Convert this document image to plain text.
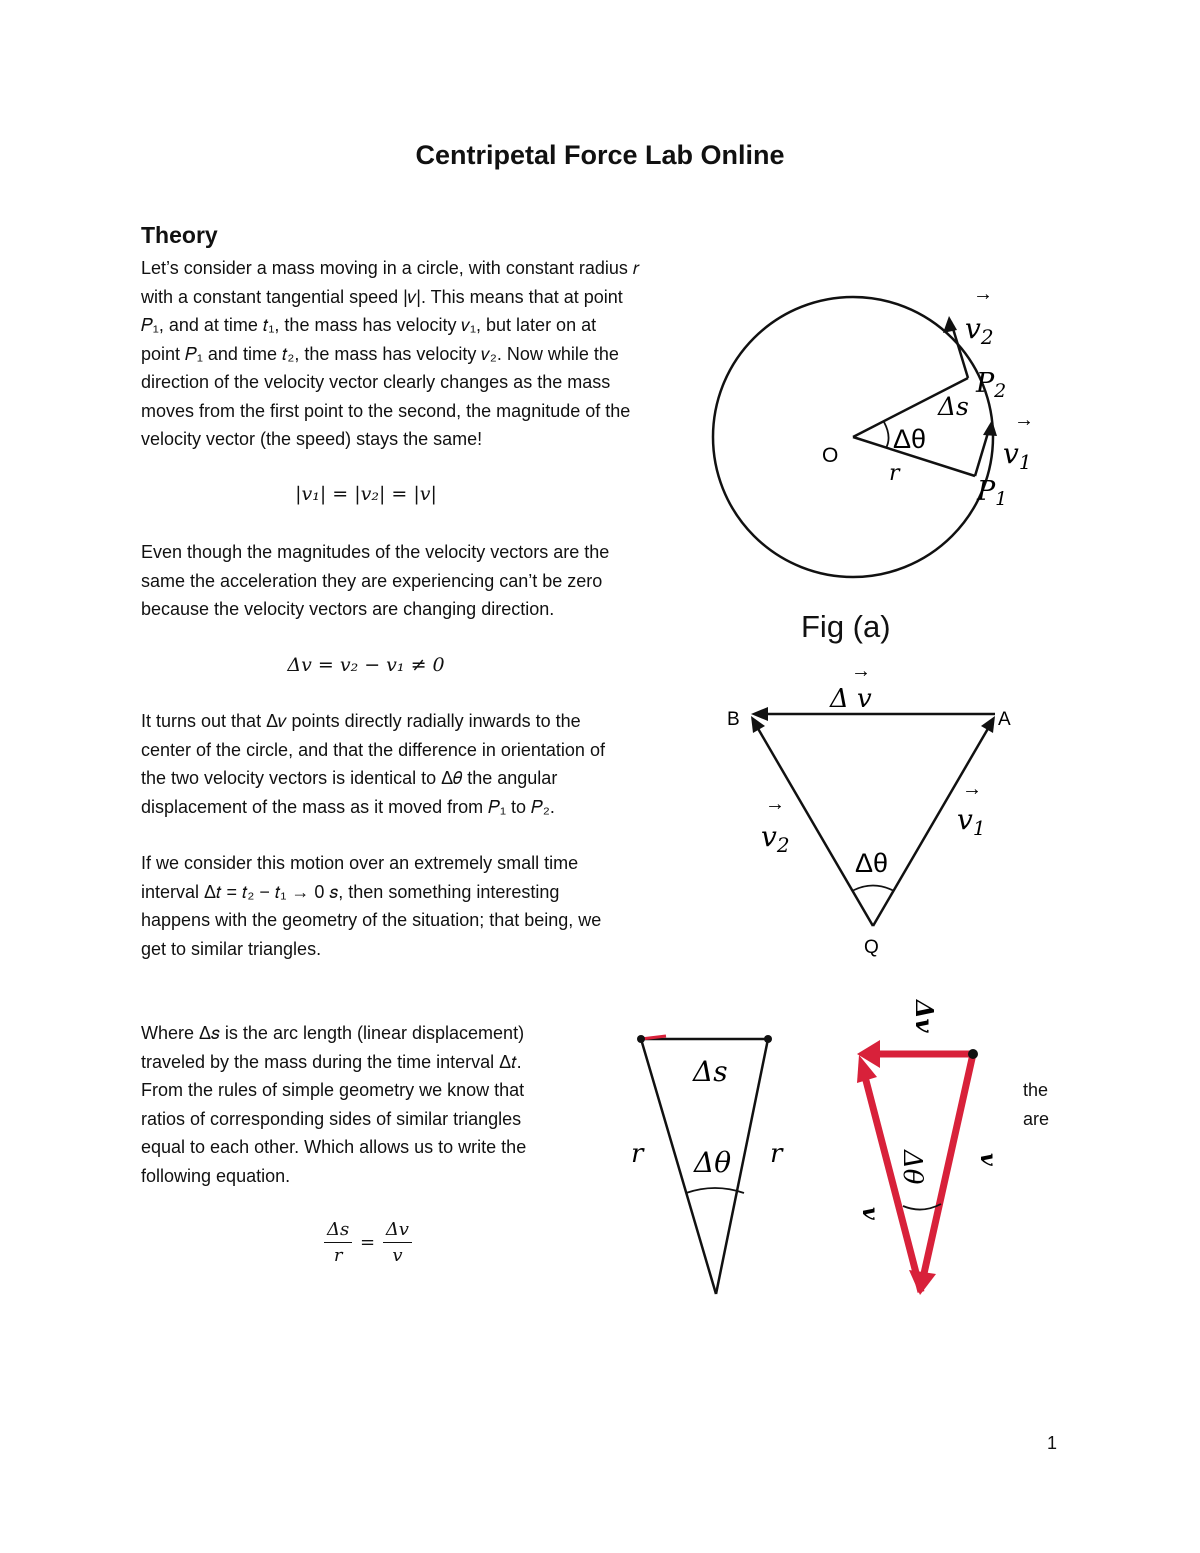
Centripetal Force Lab Online
Theory
Let’s consider a mass moving in a circle, with constant radius 𝑟
with a constant tangential speed |𝑣|. This means that at point
𝑃₁, and at time 𝑡₁, the mass has velocity 𝑣₁, but later on at
point 𝑃₁ and time 𝑡₂, the mass has velocity 𝑣₂. Now while the
direction of the velocity vector clearly changes as the mass
moves from the first point to the second, the magnitude of the
velocity vector (the speed) stays the same!
|v₁| = |v₂| = |v|
Even though the magnitudes of the velocity vectors are the
same the acceleration they are experiencing can’t be zero
because the velocity vectors are changing direction.
Δv = v₂ − v₁ ≠ 0
It turns out that Δ𝑣 points directly radially inwards to the
center of the circle, and that the difference in orientation of
the two velocity vectors is identical to Δ𝜃 the angular
displacement of the mass as it moved from 𝑃₁ to 𝑃₂.
If we consider this motion over an extremely small time
interval Δ𝑡 = 𝑡₂ − 𝑡₁ → 0 𝑠, then something interesting
happens with the geometry of the situation; that being, we
get to similar triangles.
Where Δ𝑠 is the arc length (linear displacement)
traveled by the mass during the time interval Δ𝑡.
From the rules of simple geometry we know that
ratios of corresponding sides of similar triangles
equal to each other. Which allows us to write the
following equation.
the
are
$\frac{\Delta s}{r} = \frac{\Delta v}{v}$
O
r
Δθ
Δs
→
$v_2$
P2
→
$v_1$
P1
Fig (a)
→
Δ v
B	A
Q
Δθ
→
$v_2$
→
$v_1$
Δs
Δθ
r	r
Δv
Δθ v
v
1
